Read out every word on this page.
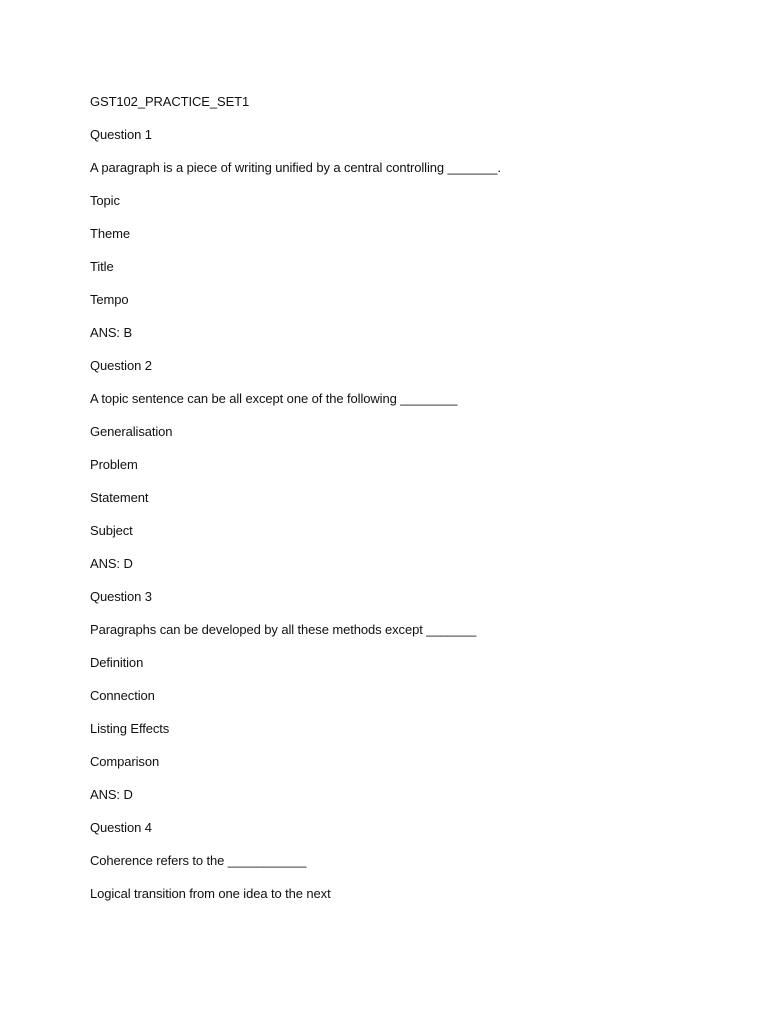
GST102_PRACTICE_SET1
Question 1
A paragraph is a piece of writing unified by a central controlling _______.
Topic
Theme
Title
Tempo
ANS: B
Question 2
A topic sentence can be all except one of the following ________
Generalisation
Problem
Statement
Subject
ANS: D
Question 3
Paragraphs can be developed by all these methods except _______
Definition
Connection
Listing Effects
Comparison
ANS: D
Question 4
Coherence refers to the ___________
Logical transition from one idea to the next
